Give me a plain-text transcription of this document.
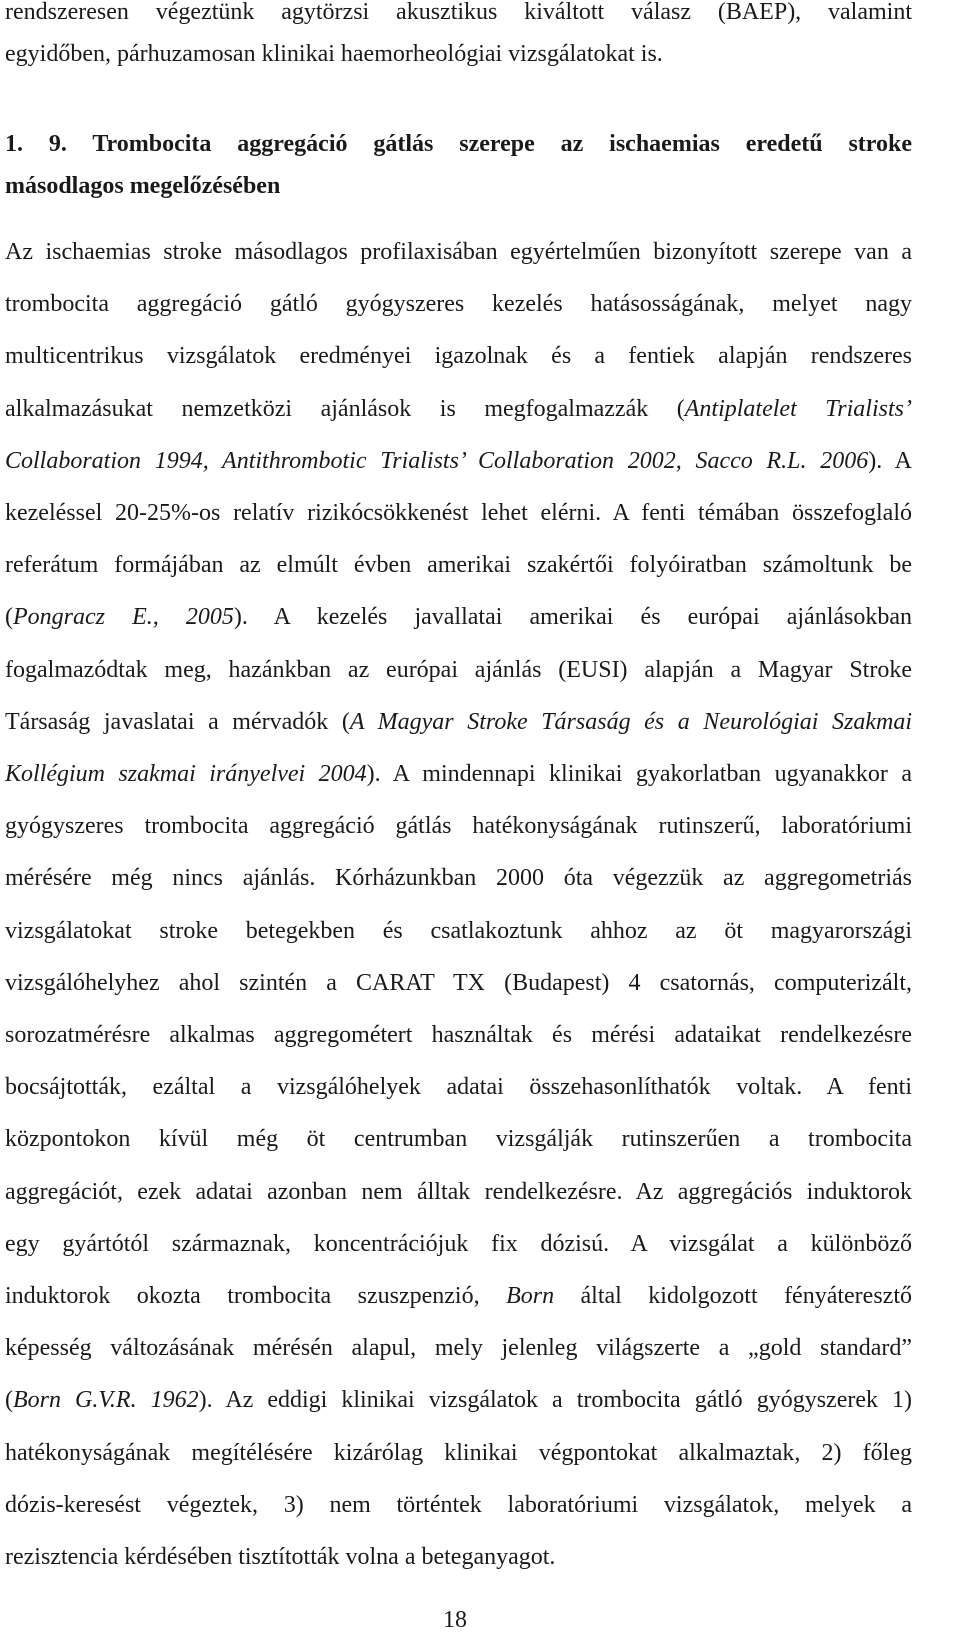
rendszeresen végeztünk agytörzsi akusztikus kiváltott válasz (BAEP), valamint
egyidőben, párhuzamosan klinikai haemorheológiai vizsgálatokat is.
1. 9. Trombocita aggregáció gátlás szerepe az ischaemias eredetű stroke
másodlagos megelőzésében
Az ischaemias stroke másodlagos profilaxisában egyértelműen bizonyított szerepe van a
trombocita aggregáció gátló gyógyszeres kezelés hatásosságának, melyet nagy
multicentrikus vizsgálatok eredményei igazolnak és a fentiek alapján rendszeres
alkalmazásukat nemzetközi ajánlások is megfogalmazzák (Antiplatelet Trialists’
Collaboration 1994, Antithrombotic Trialists’ Collaboration 2002, Sacco R.L. 2006). A
kezeléssel 20-25%-os relatív rizikócsökkenést lehet elérni. A fenti témában összefoglaló
referátum formájában az elmúlt évben amerikai szakértői folyóiratban számoltunk be
(Pongracz E., 2005). A kezelés javallatai amerikai és európai ajánlásokban
fogalmazódtak meg, hazánkban az európai ajánlás (EUSI) alapján a Magyar Stroke
Társaság javaslatai a mérvadók (A Magyar Stroke Társaság és a Neurológiai Szakmai
Kollégium szakmai irányelvei 2004). A mindennapi klinikai gyakorlatban ugyanakkor a
gyógyszeres trombocita aggregáció gátlás hatékonyságának rutinszerű, laboratóriumi
mérésére még nincs ajánlás. Kórházunkban 2000 óta végezzük az aggregometriás
vizsgálatokat stroke betegekben és csatlakoztunk ahhoz az öt magyarországi
vizsgálóhelyhez ahol szintén a CARAT TX (Budapest) 4 csatornás, computerizált,
sorozatmérésre alkalmas aggregométert használtak és mérési adataikat rendelkezésre
bocsájtották, ezáltal a vizsgálóhelyek adatai összehasonlíthatók voltak. A fenti
központokon kívül még öt centrumban vizsgálják rutinszerűen a trombocita
aggregációt, ezek adatai azonban nem álltak rendelkezésre. Az aggregációs induktorok
egy gyártótól származnak, koncentrációjuk fix dózisú. A vizsgálat a különböző
induktorok okozta trombocita szuszpenzió, Born által kidolgozott fényáteresztő
képesség változásának mérésén alapul, mely jelenleg világszerte a „gold standard”
(Born G.V.R. 1962). Az eddigi klinikai vizsgálatok a trombocita gátló gyógyszerek 1)
hatékonyságának megítélésére kizárólag klinikai végpontokat alkalmaztak, 2) főleg
dózis-keresést végeztek, 3) nem történtek laboratóriumi vizsgálatok, melyek a
rezisztencia kérdésében tisztították volna a beteganyagot.
18
